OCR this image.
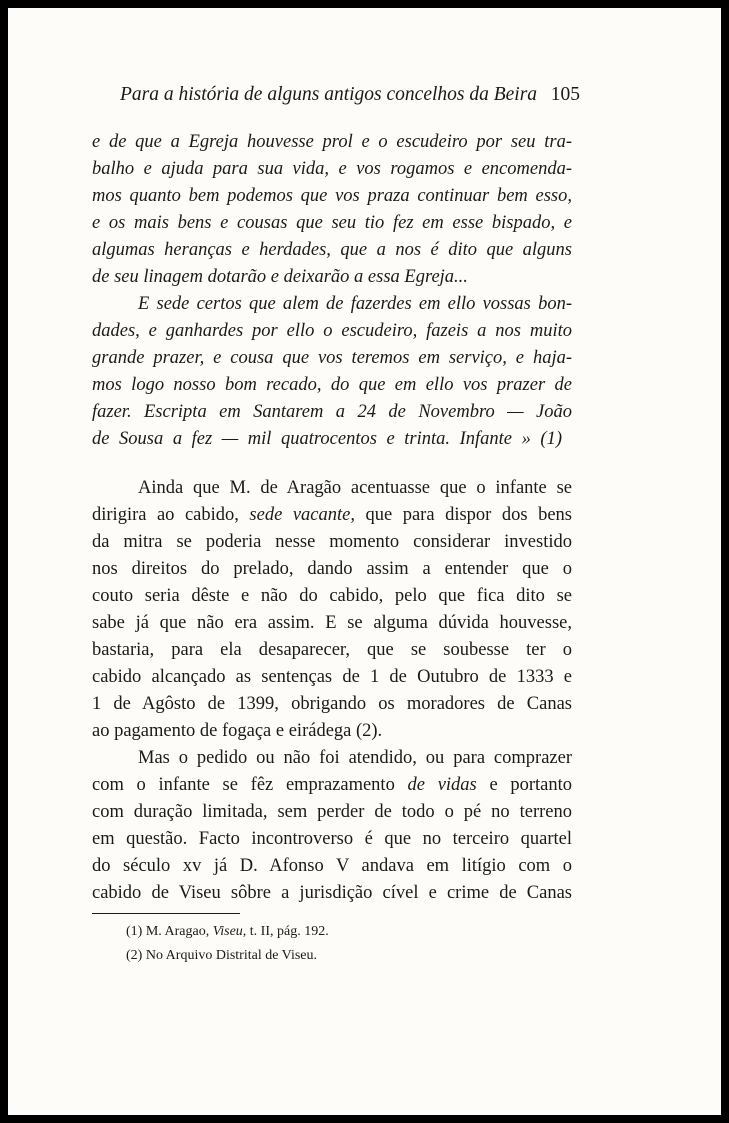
Para a história de alguns antigos concelhos da Beira 105
e de que a Egreja houvesse prol e o escudeiro por seu tra-
balho e ajuda para sua vida, e vos rogamos e encomenda-
mos quanto bem podemos que vos praza continuar bem esso,
e os mais bens e cousas que seu tio fez em esse bispado, e
algumas heranças e herdades, que a nos é dito que alguns
de seu linagem dotarão e deixarão a essa Egreja...
E sede certos que alem de fazerdes em ello vossas bon-
dades, e ganhardes por ello o escudeiro, fazeis a nos muito
grande prazer, e cousa que vos teremos em serviço, e haja-
mos logo nosso bom recado, do que em ello vos prazer de
fazer. Escripta em Santarem a 24 de Novembro — João
de Sousa a fez — mil quatrocentos e trinta. Infante » (1)
Ainda que M. de Aragão acentuasse que o infante se
dirigira ao cabido, sede vacante, que para dispor dos bens
da mitra se poderia nesse momento considerar investido
nos direitos do prelado, dando assim a entender que o
couto seria dêste e não do cabido, pelo que fica dito se
sabe já que não era assim. E se alguma dúvida houvesse,
bastaria, para ela desaparecer, que se soubesse ter o
cabido alcançado as sentenças de 1 de Outubro de 1333 e
1 de Agôsto de 1399, obrigando os moradores de Canas
ao pagamento de fogaça e eirádega (2).
Mas o pedido ou não foi atendido, ou para comprazer
com o infante se fêz emprazamento de vidas e portanto
com duração limitada, sem perder de todo o pé no terreno
em questão. Facto incontroverso é que no terceiro quartel
do século xv já D. Afonso V andava em litígio com o
cabido de Viseu sôbre a jurisdição cível e crime de Canas
(1) M. Aragao, Viseu, t. II, pág. 192.
(2) No Arquivo Distrital de Viseu.
